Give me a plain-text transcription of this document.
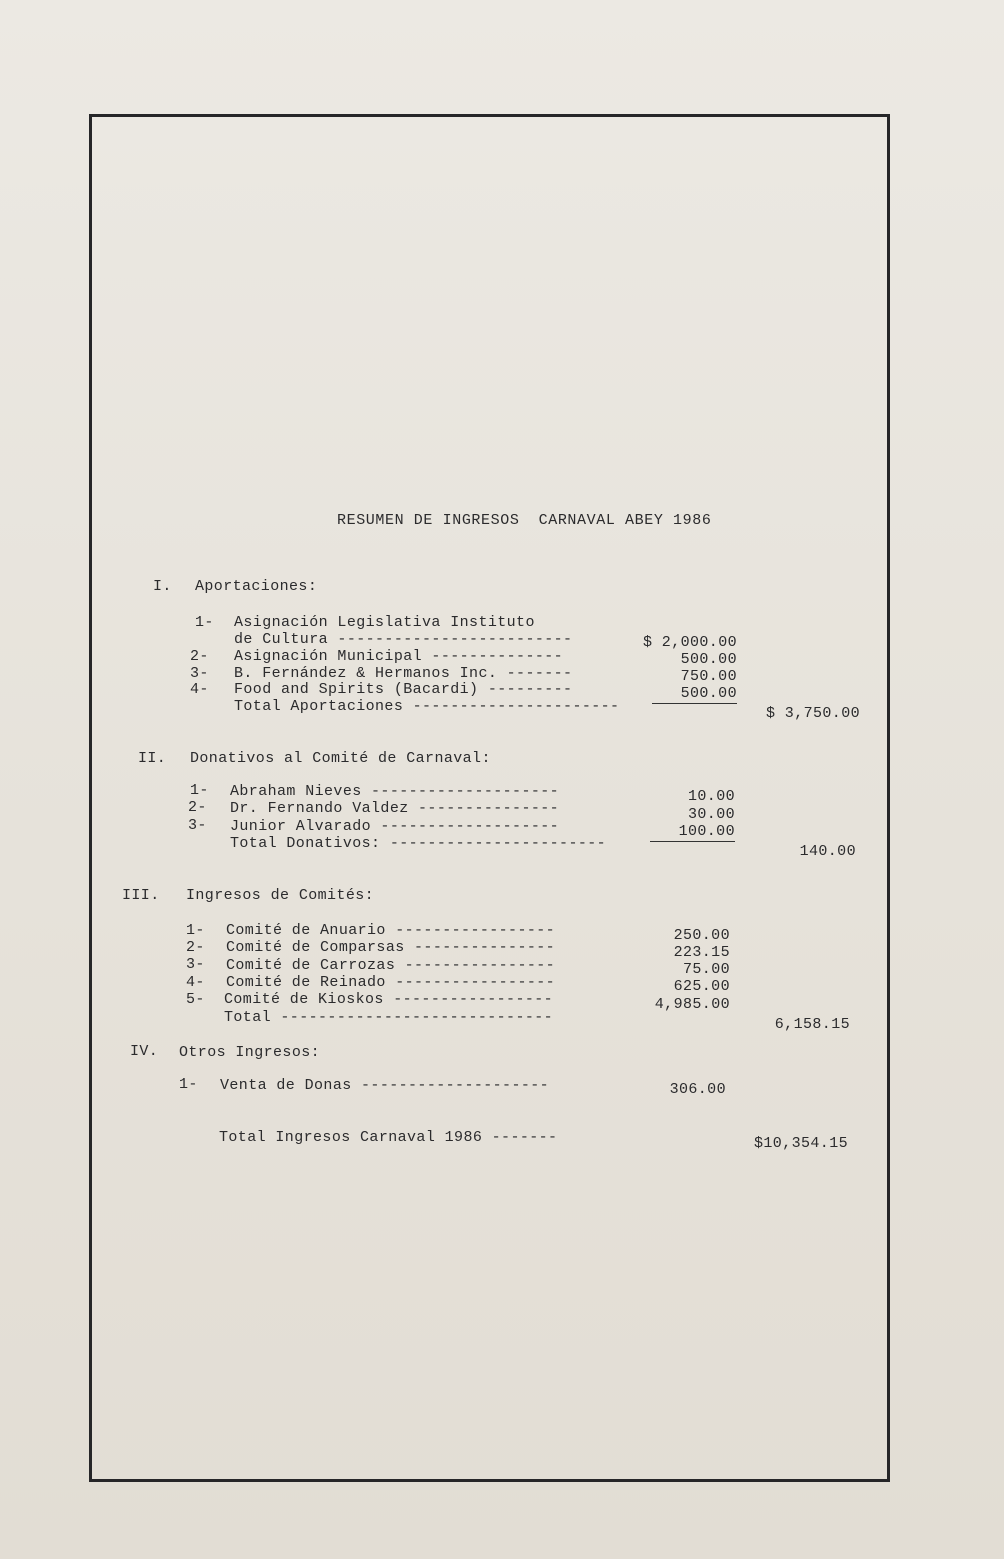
RESUMEN DE INGRESOS  CARNAVAL ABEY 1986
I. Aportaciones:
1- Asignación Legislativa Instituto
de Cultura -------------------------	$ 2,000.00
2- Asignación Municipal --------------	500.00
3- B. Fernández & Hermanos Inc. -------	750.00
4- Food and Spirits (Bacardi) ---------	500.00
Total Aportaciones ----------------------	$ 3,750.00
II. Donativos al Comité de Carnaval:
1- Abraham Nieves --------------------	10.00
2- Dr. Fernando Valdez ---------------	30.00
3- Junior Alvarado -------------------	100.00
Total Donativos: -----------------------	140.00
III. Ingresos de Comités:
1- Comité de Anuario -----------------	250.00
2- Comité de Comparsas ---------------	223.15
3- Comité de Carrozas ----------------	75.00
4- Comité de Reinado -----------------	625.00
5- Comité de Kioskos -----------------	4,985.00
Total -----------------------------	6,158.15
IV. Otros Ingresos:
1- Venta de Donas --------------------	306.00
Total Ingresos Carnaval 1986 -------	$10,354.15
